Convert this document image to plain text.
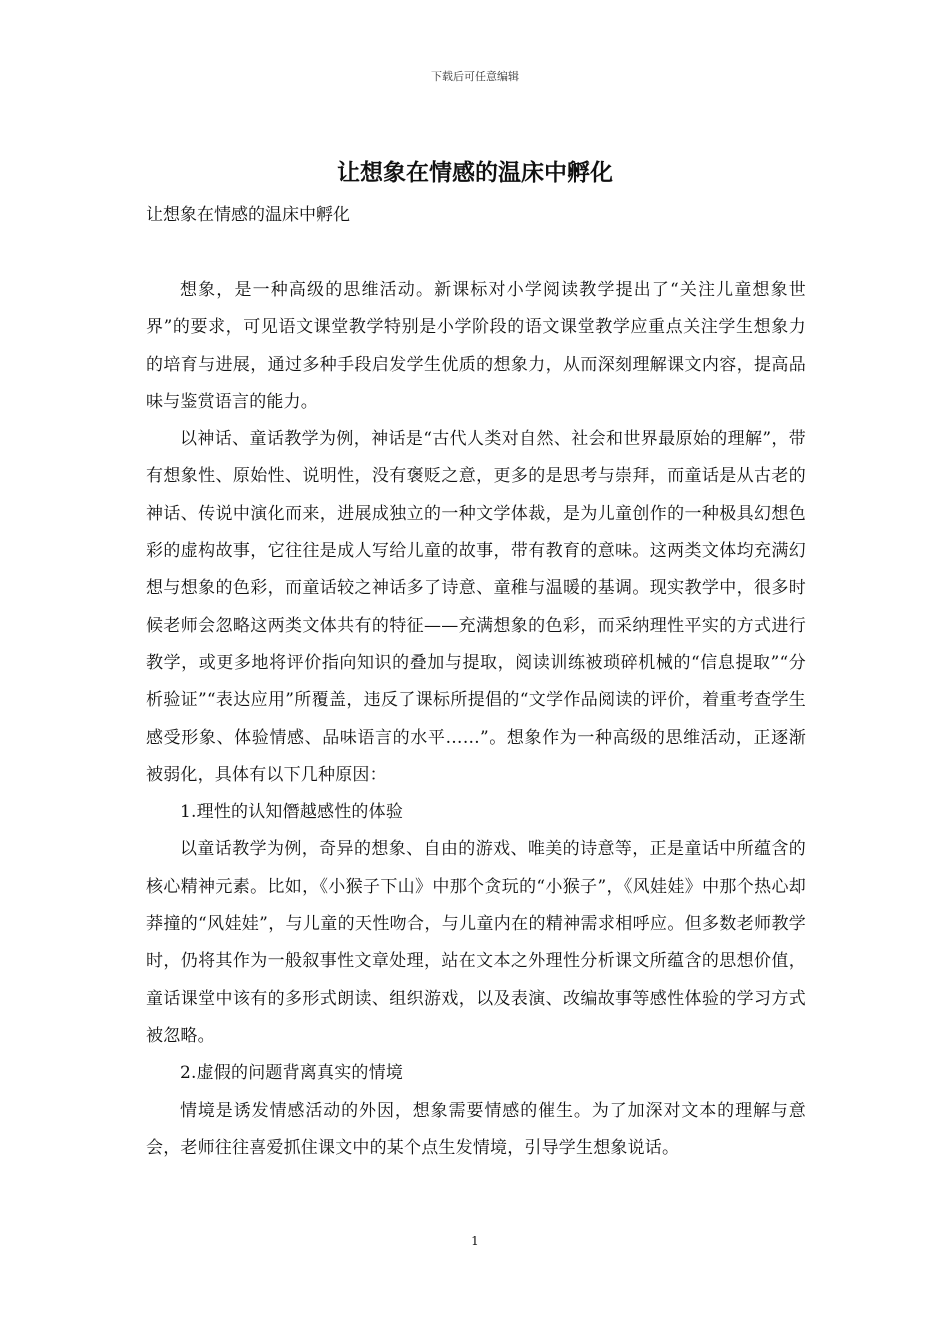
下载后可任意编辑
让想象在情感的温床中孵化

让想象在情感的温床中孵化

想象，是一种高级的思维活动。新课标对小学阅读教学提出了“关注儿童想象世界”的要求，可见语文课堂教学特别是小学阶段的语文课堂教学应重点关注学生想象力的培育与进展，通过多种手段启发学生优质的想象力，从而深刻理解课文内容，提高品味与鉴赏语言的能力。

以神话、童话教学为例，神话是“古代人类对自然、社会和世界最原始的理解”，带有想象性、原始性、说明性，没有褒贬之意，更多的是思考与崇拜，而童话是从古老的神话、传说中演化而来，进展成独立的一种文学体裁，是为儿童创作的一种极具幻想色彩的虚构故事，它往往是成人写给儿童的故事，带有教育的意味。这两类文体均充满幻想与想象的色彩，而童话较之神话多了诗意、童稚与温暖的基调。现实教学中，很多时候老师会忽略这两类文体共有的特征——充满想象的色彩，而采纳理性平实的方式进行教学，或更多地将评价指向知识的叠加与提取，阅读训练被琐碎机械的“信息提取”“分析验证”“表达应用”所覆盖，违反了课标所提倡的“文学作品阅读的评价，着重考查学生感受形象、体验情感、品味语言的水平……”。想象作为一种高级的思维活动，正逐渐被弱化，具体有以下几种原因：

1.理性的认知僭越感性的体验

以童话教学为例，奇异的想象、自由的游戏、唯美的诗意等，正是童话中所蕴含的核心精神元素。比如，《小猴子下山》中那个贪玩的“小猴子”，《风娃娃》中那个热心却莽撞的“风娃娃”，与儿童的天性吻合，与儿童内在的精神需求相呼应。但多数老师教学时，仍将其作为一般叙事性文章处理，站在文本之外理性分析课文所蕴含的思想价值，童话课堂中该有的多形式朗读、组织游戏，以及表演、改编故事等感性体验的学习方式被忽略。

2.虚假的问题背离真实的情境

情境是诱发情感活动的外因，想象需要情感的催生。为了加深对文本的理解与意会，老师往往喜爱抓住课文中的某个点生发情境，引导学生想象说话。

1
